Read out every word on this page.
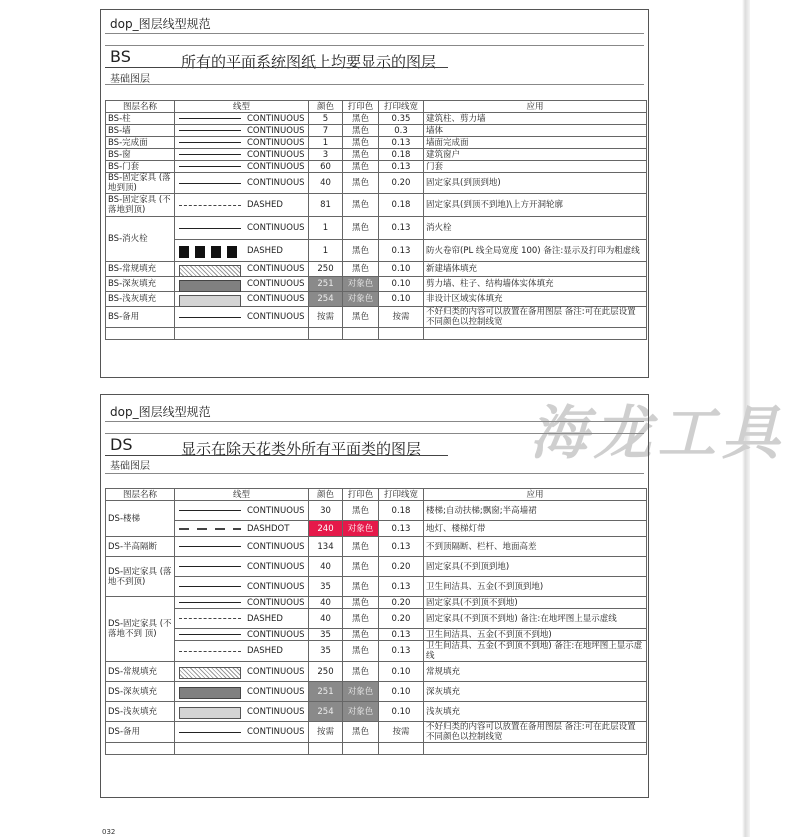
海龙工具
dop_图层线型规范
BS	所有的平面系统图纸上均要显示的图层
基础图层
图层名称	线型	颜色	打印色	打印线宽	应用
BS-柱	CONTINUOUS	5	黑色	0.35	建筑柱、剪力墙
BS-墙	CONTINUOUS	7	黑色	0.3	墙体
BS-完成面	CONTINUOUS	1	黑色	0.13	墙面完成面
BS-窗	CONTINUOUS	3	黑色	0.18	建筑窗户
BS-门套	CONTINUOUS	60	黑色	0.13	门套
BS-固定家具 (落地到顶)	CONTINUOUS	40	黑色	0.20	固定家具(到顶到地)
BS-固定家具 (不落地到顶)	DASHED	81	黑色	0.18	固定家具(到顶不到地)\上方开洞轮廓
BS-消火栓	CONTINUOUS	1	黑色	0.13	消火栓

	DASHED	1	黑色	0.13	防火卷帘(PL 线全局宽度 100) 备注:显示及打印为粗虚线
BS-常规填充	CONTINUOUS	250	黑色	0.10	新建墙体填充
BS-深灰填充	CONTINUOUS	251	对象色	0.10	剪力墙、柱子、结构墙体实体填充
BS-浅灰填充	CONTINUOUS	254	对象色	0.10	非设计区域实体填充
BS-备用	CONTINUOUS	按需	黑色	按需	不好归类的内容可以放置在备用图层 备注:可在此层设置不同颜色以控制线宽

dop_图层线型规范
DS	显示在除天花类外所有平面类的图层
基础图层
图层名称	线型	颜色	打印色	打印线宽	应用
DS-楼梯	CONTINUOUS	30	黑色	0.18	楼梯;自动扶梯;飘窗;半高墙裙

	DASHDOT	240	对象色	0.13	地灯、楼梯灯带
DS-半高隔断	CONTINUOUS	134	黑色	0.13	不到顶隔断、栏杆、地面高差
DS-固定家具 (落地不到顶)	CONTINUOUS	40	黑色	0.20	固定家具(不到顶到地)

	CONTINUOUS	35	黑色	0.13	卫生间洁具、五金(不到顶到地)
DS-固定家具 (不落地不到 顶)	CONTINUOUS	40	黑色	0.20	固定家具(不到顶不到地)

	DASHED	40	黑色	0.20	固定家具(不到顶不到地) 备注:在地坪图上显示虚线

	CONTINUOUS	35	黑色	0.13	卫生间洁具、五金(不到顶不到地)

	DASHED	35	黑色	0.13	卫生间洁具、五金(不到顶不到地) 备注:在地坪图上显示虚线
DS-常规填充	CONTINUOUS	250	黑色	0.10	常规填充
DS-深灰填充	CONTINUOUS	251	对象色	0.10	深灰填充
DS-浅灰填充	CONTINUOUS	254	对象色	0.10	浅灰填充
DS-备用	CONTINUOUS	按需	黑色	按需	不好归类的内容可以放置在备用图层 备注:可在此层设置不同颜色以控制线宽

032
